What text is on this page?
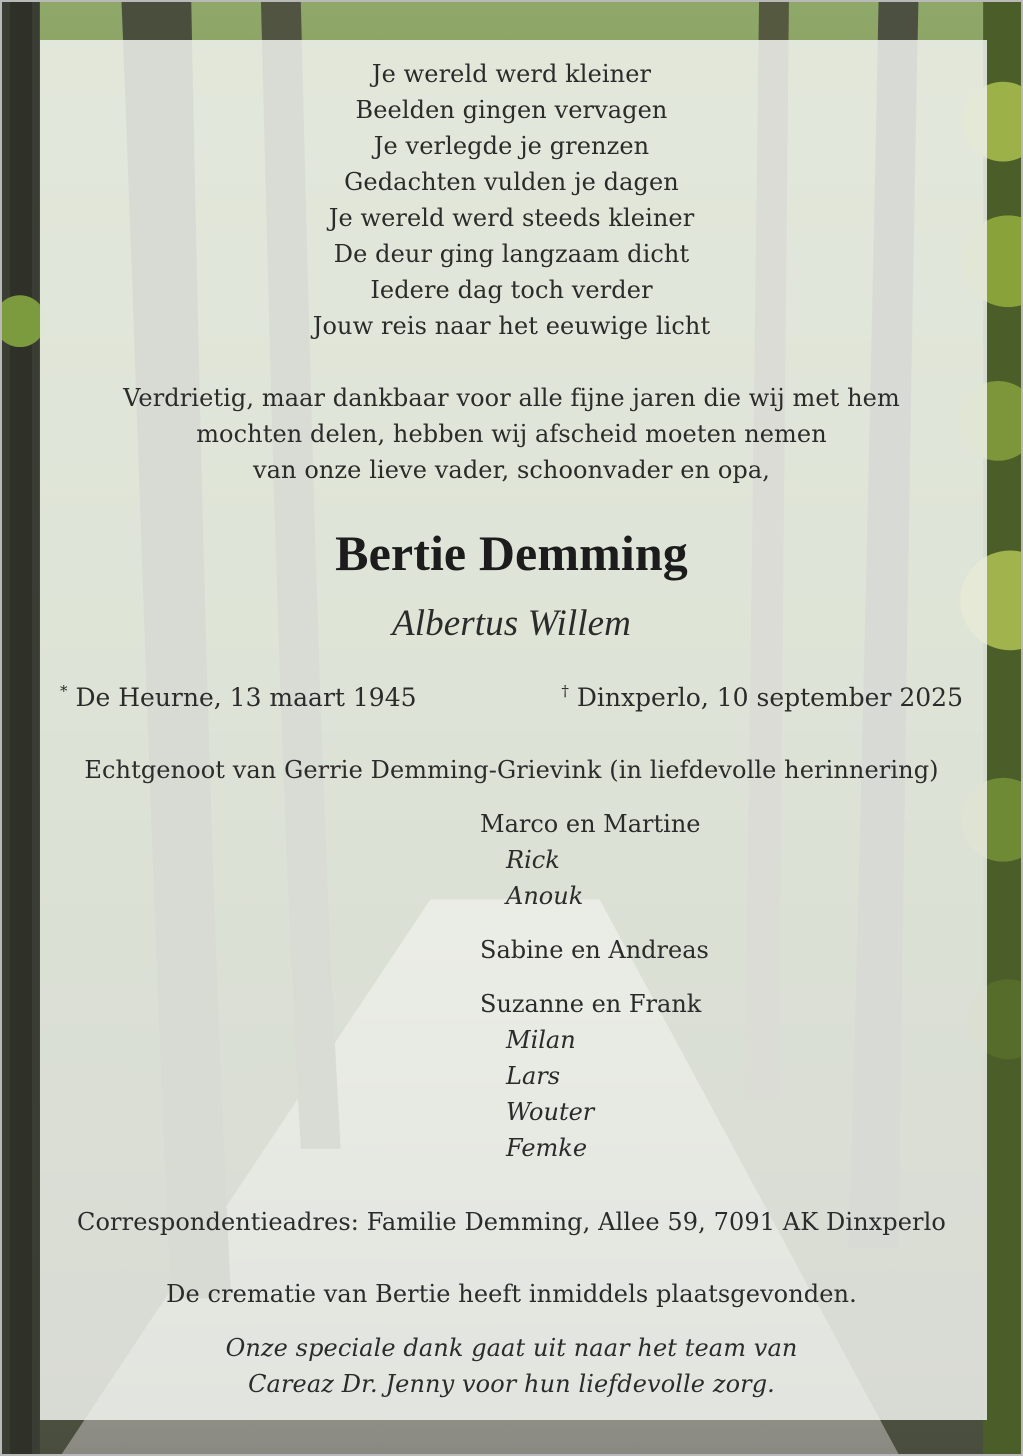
Je wereld werd kleiner
Beelden gingen vervagen
Je verlegde je grenzen
Gedachten vulden je dagen
Je wereld werd steeds kleiner
De deur ging langzaam dicht
Iedere dag toch verder
Jouw reis naar het eeuwige licht
Verdrietig, maar dankbaar voor alle fijne jaren die wij met hem
mochten delen, hebben wij afscheid moeten nemen
van onze lieve vader, schoonvader en opa,
Bertie Demming
Albertus Willem
* De Heurne, 13 maart 1945	† Dinxperlo, 10 september 2025
Echtgenoot van Gerrie Demming-Grievink (in liefdevolle herinnering)
Marco en Martine
Rick
Anouk
Sabine en Andreas
Suzanne en Frank
Milan
Lars
Wouter
Femke
Correspondentieadres: Familie Demming, Allee 59, 7091 AK Dinxperlo
De crematie van Bertie heeft inmiddels plaatsgevonden.
Onze speciale dank gaat uit naar het team van
Careaz Dr. Jenny voor hun liefdevolle zorg.
